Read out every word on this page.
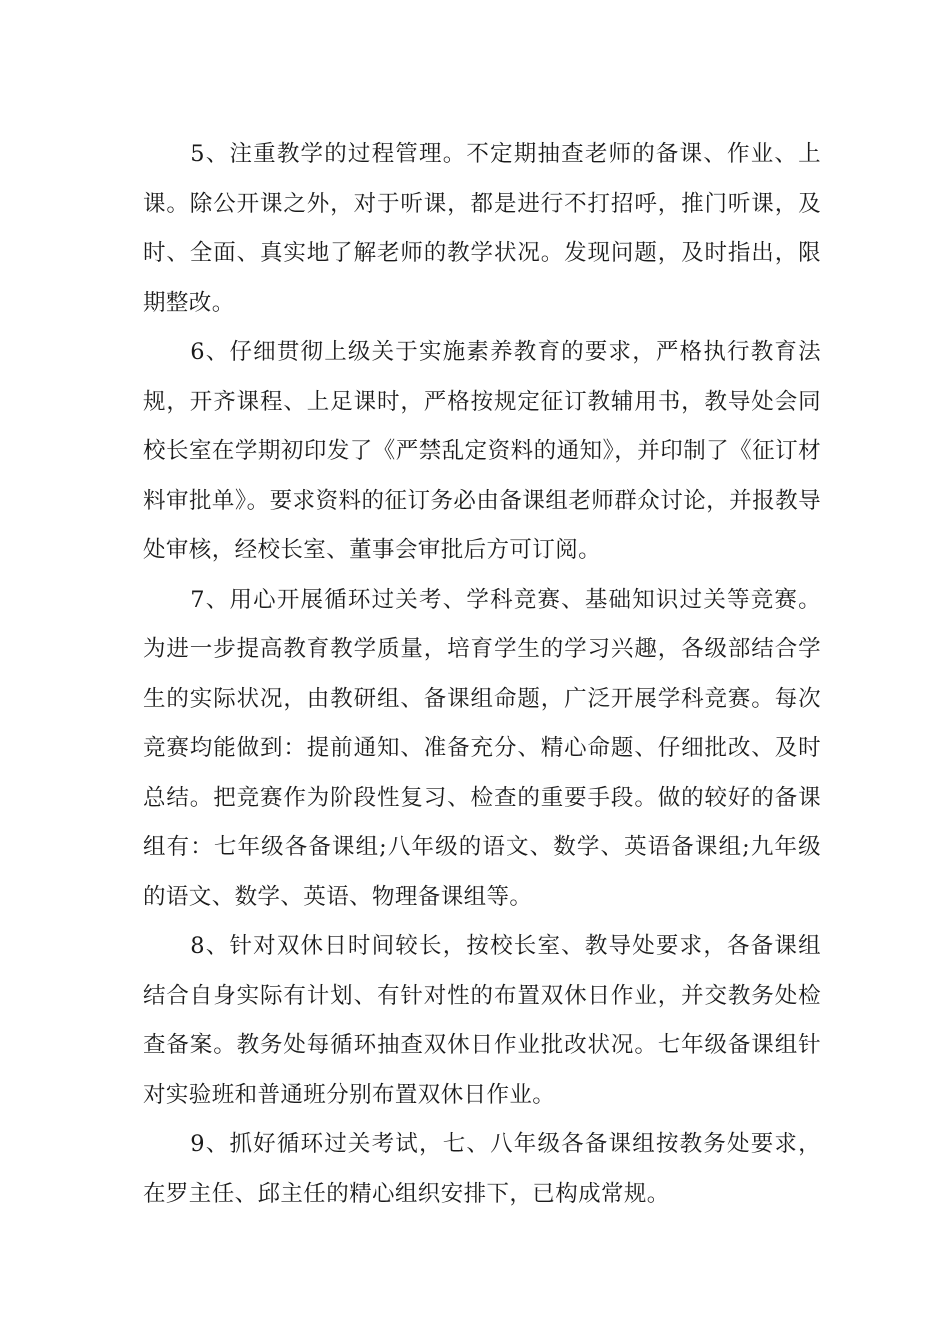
5、注重教学的过程管理。不定期抽查老师的备课、作业、上课。除公开课之外，对于听课，都是进行不打招呼，推门听课，及时、全面、真实地了解老师的教学状况。发现问题，及时指出，限期整改。

6、仔细贯彻上级关于实施素养教育的要求，严格执行教育法规，开齐课程、上足课时，严格按规定征订教辅用书，教导处会同校长室在学期初印发了《严禁乱定资料的通知》，并印制了《征订材料审批单》。要求资料的征订务必由备课组老师群众讨论，并报教导处审核，经校长室、董事会审批后方可订阅。

7、用心开展循环过关考、学科竞赛、基础知识过关等竞赛。为进一步提高教育教学质量，培育学生的学习兴趣，各级部结合学生的实际状况，由教研组、备课组命题，广泛开展学科竞赛。每次竞赛均能做到：提前通知、准备充分、精心命题、仔细批改、及时总结。把竞赛作为阶段性复习、检查的重要手段。做的较好的备课组有：七年级各备课组;八年级的语文、数学、英语备课组;九年级的语文、数学、英语、物理备课组等。

8、针对双休日时间较长，按校长室、教导处要求，各备课组结合自身实际有计划、有针对性的布置双休日作业，并交教务处检查备案。教务处每循环抽查双休日作业批改状况。七年级备课组针对实验班和普通班分别布置双休日作业。

9、抓好循环过关考试，七、八年级各备课组按教务处要求，在罗主任、邱主任的精心组织安排下，已构成常规。
